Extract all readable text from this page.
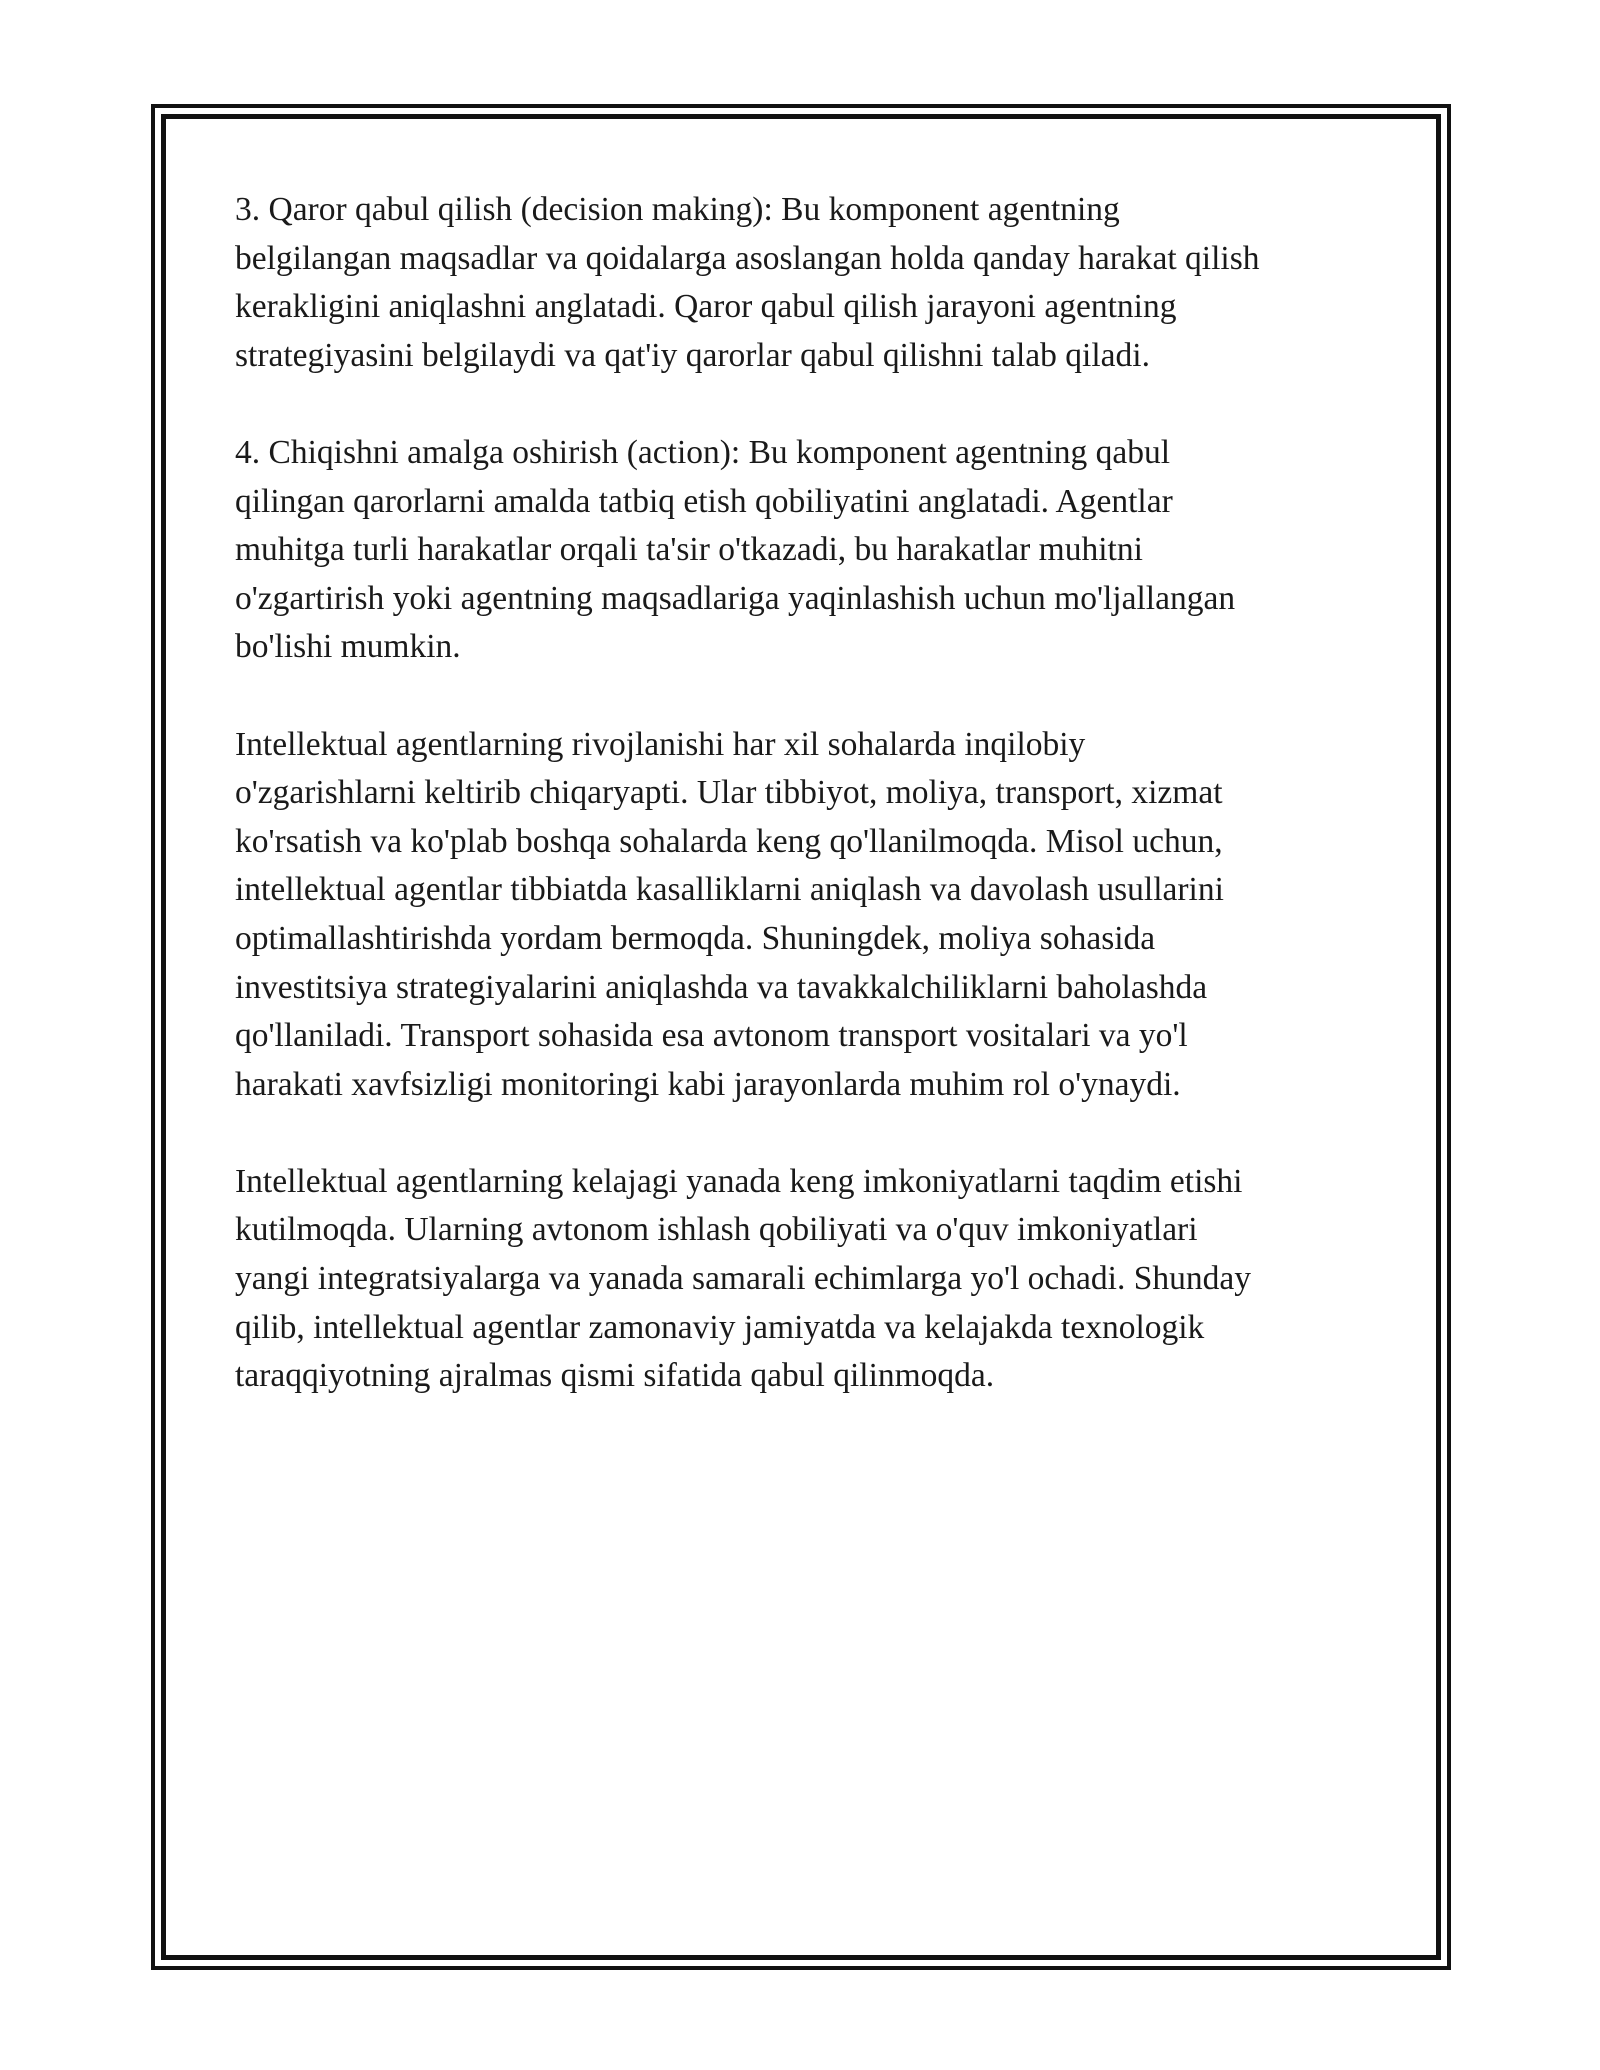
3. Qaror qabul qilish (decision making): Bu komponent agentning
belgilangan maqsadlar va qoidalarga asoslangan holda qanday harakat qilish
kerakligini aniqlashni anglatadi. Qaror qabul qilish jarayoni agentning
strategiyasini belgilaydi va qat'iy qarorlar qabul qilishni talab qiladi.

4. Chiqishni amalga oshirish (action): Bu komponent agentning qabul
qilingan qarorlarni amalda tatbiq etish qobiliyatini anglatadi. Agentlar
muhitga turli harakatlar orqali ta'sir o'tkazadi, bu harakatlar muhitni
o'zgartirish yoki agentning maqsadlariga yaqinlashish uchun mo'ljallangan
bo'lishi mumkin.

Intellektual agentlarning rivojlanishi har xil sohalarda inqilobiy
o'zgarishlarni keltirib chiqaryapti. Ular tibbiyot, moliya, transport, xizmat
ko'rsatish va ko'plab boshqa sohalarda keng qo'llanilmoqda. Misol uchun,
intellektual agentlar tibbiatda kasalliklarni aniqlash va davolash usullarini
optimallashtirishda yordam bermoqda. Shuningdek, moliya sohasida
investitsiya strategiyalarini aniqlashda va tavakkalchiliklarni baholashda
qo'llaniladi. Transport sohasida esa avtonom transport vositalari va yo'l
harakati xavfsizligi monitoringi kabi jarayonlarda muhim rol o'ynaydi.

Intellektual agentlarning kelajagi yanada keng imkoniyatlarni taqdim etishi
kutilmoqda. Ularning avtonom ishlash qobiliyati va o'quv imkoniyatlari
yangi integratsiyalarga va yanada samarali echimlarga yo'l ochadi. Shunday
qilib, intellektual agentlar zamonaviy jamiyatda va kelajakda texnologik
taraqqiyotning ajralmas qismi sifatida qabul qilinmoqda.
